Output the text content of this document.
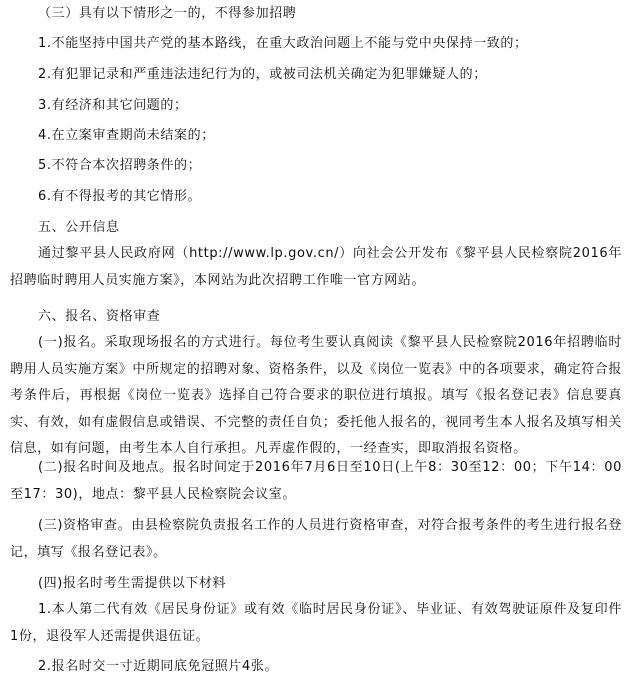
（三）具有以下情形之一的，不得参加招聘
1.不能坚持中国共产党的基本路线，在重大政治问题上不能与党中央保持一致的；
2.有犯罪记录和严重违法违纪行为的，或被司法机关确定为犯罪嫌疑人的；
3.有经济和其它问题的；
4.在立案审查期尚未结案的；
5.不符合本次招聘条件的；
6.有不得报考的其它情形。
五、公开信息
通过黎平县人民政府网（http://www.lp.gov.cn/）向社会公开发布《黎平县人民检察院2016年招聘临时聘用人员实施方案》，本网站为此次招聘工作唯一官方网站。
六、报名、资格审查
(一)报名。采取现场报名的方式进行。每位考生要认真阅读《黎平县人民检察院2016年招聘临时聘用人员实施方案》中所规定的招聘对象、资格条件，以及《岗位一览表》中的各项要求，确定符合报考条件后，再根据《岗位一览表》选择自己符合要求的职位进行填报。填写《报名登记表》信息要真实、有效，如有虚假信息或错误、不完整的责任自负；委托他人报名的，视同考生本人报名及填写相关信息，如有问题，由考生本人自行承担。凡弄虚作假的，一经查实，即取消报名资格。
(二)报名时间及地点。报名时间定于2016年7月6日至10日(上午8：30至12：00；下午14：00至17：30)，地点：黎平县人民检察院会议室。
(三)资格审查。由县检察院负责报名工作的人员进行资格审查，对符合报考条件的考生进行报名登记，填写《报名登记表》。
(四)报名时考生需提供以下材料
1.本人第二代有效《居民身份证》或有效《临时居民身份证》、毕业证、有效驾驶证原件及复印件1份，退役军人还需提供退伍证。
2.报名时交一寸近期同底免冠照片4张。
